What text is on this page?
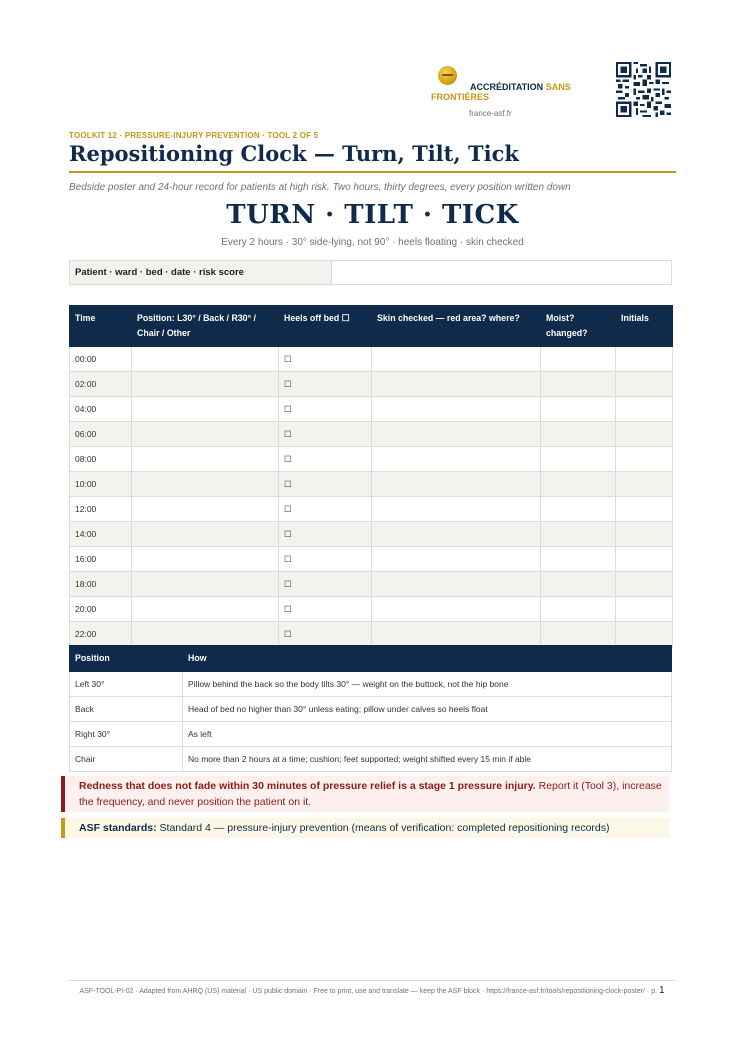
ACCRÉDITATION SANS FRONTIÈRES
france-asf.fr
TOOLKIT 12 · PRESSURE-INJURY PREVENTION · TOOL 2 OF 5
Repositioning Clock — Turn, Tilt, Tick
Bedside poster and 24-hour record for patients at high risk. Two hours, thirty degrees, every position written down
TURN · TILT · TICK
Every 2 hours · 30° side-lying, not 90° · heels floating · skin checked
Patient · ward · bed · date · risk score
Time	Position: L30° / Back / R30° / Chair / Other	Heels off bed ☐	Skin checked — red area? where?	Moist? changed?	Initials
00:00		☐			
02:00		☐			
04:00		☐			
06:00		☐			
08:00		☐			
10:00		☐			
12:00		☐			
14:00		☐			
16:00		☐			
18:00		☐			
20:00		☐			
22:00		☐			
Position	How
Left 30°	Pillow behind the back so the body tilts 30° — weight on the buttock, not the hip bone
Back	Head of bed no higher than 30° unless eating; pillow under calves so heels float
Right 30°	As left
Chair	No more than 2 hours at a time; cushion; feet supported; weight shifted every 15 min if able
Redness that does not fade within 30 minutes of pressure relief is a stage 1 pressure injury. Report it (Tool 3), increase the frequency, and never position the patient on it.
ASF standards: Standard 4 — pressure-injury prevention (means of verification: completed repositioning records)
ASF-TOOL-PI-02 · Adapted from AHRQ (US) material · US public domain · Free to print, use and translate — keep the ASF block · https://france-asf.fr/tools/repositioning-clock-poster/ · p. 1
